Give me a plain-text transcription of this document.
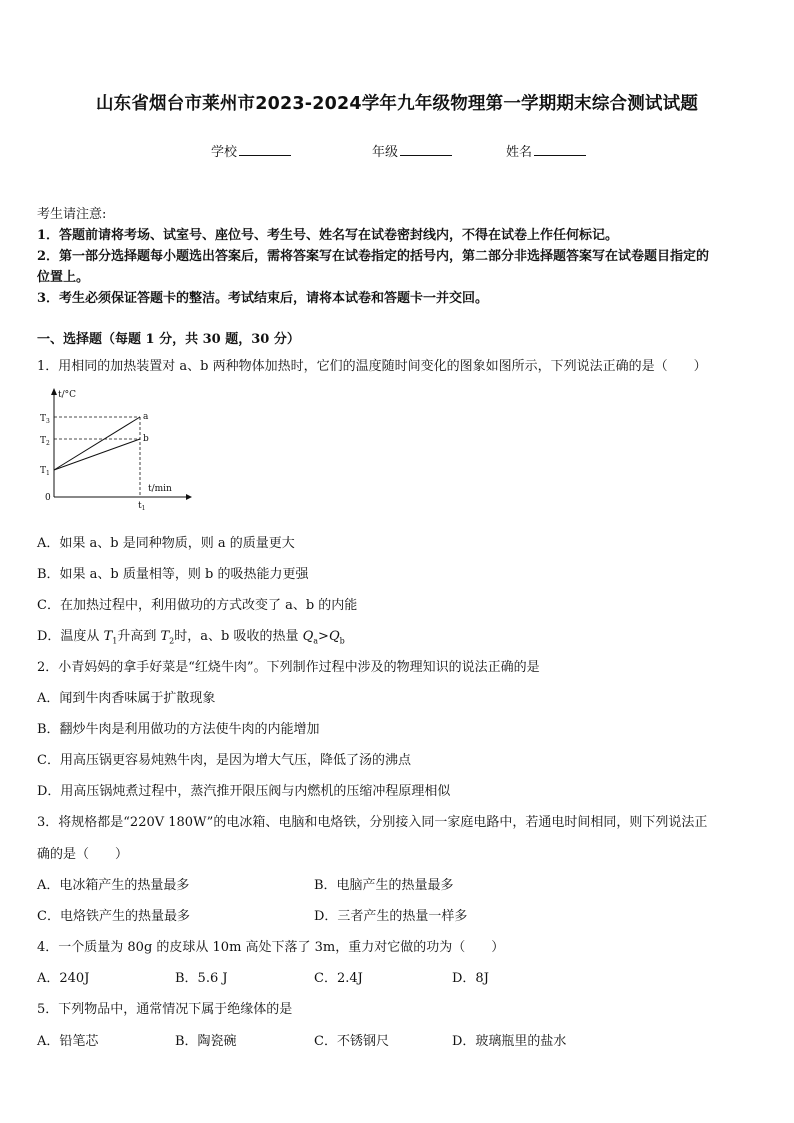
山东省烟台市莱州市2023-2024学年九年级物理第一学期期末综合测试试题
学校	年级	姓名
考生请注意:
1．答题前请将考场、试室号、座位号、考生号、姓名写在试卷密封线内，不得在试卷上作任何标记。
2．第一部分选择题每小题选出答案后，需将答案写在试卷指定的括号内，第二部分非选择题答案写在试卷题目指定的
位置上。
3．考生必须保证答题卡的整洁。考试结束后，请将本试卷和答题卡一并交回。
一、选择题（每题 1 分，共 30 题，30 分）
1．用相同的加热装置对 a、b 两种物体加热时，它们的温度随时间变化的图象如图所示，下列说法正确的是（　　）
t/°C
t/min
a
b
$T_3$
$T_2$
$T_1$
0
$t_1$
A．如果 a、b 是同种物质，则 a 的质量更大
B．如果 a、b 质量相等，则 b 的吸热能力更强
C．在加热过程中，利用做功的方式改变了 a、b 的内能
D．温度从 $T_1$升高到 $T_2$时，a、b 吸收的热量 $Q_a>Q_b$
2．小青妈妈的拿手好菜是“红烧牛肉”。下列制作过程中涉及的物理知识的说法正确的是
A．闻到牛肉香味属于扩散现象
B．翻炒牛肉是利用做功的方法使牛肉的内能增加
C．用高压锅更容易炖熟牛肉，是因为增大气压，降低了汤的沸点
D．用高压锅炖煮过程中，蒸汽推开限压阀与内燃机的压缩冲程原理相似
3．将规格都是“220V 180W”的电冰箱、电脑和电烙铁，分别接入同一家庭电路中，若通电时间相同，则下列说法正
确的是（　　）
A．电冰箱产生的热量最多	B．电脑产生的热量最多
C．电烙铁产生的热量最多	D．三者产生的热量一样多
4．一个质量为 80g 的皮球从 10m 高处下落了 3m，重力对它做的功为（　　）
A．240J	B．5.6 J	C．2.4J	D．8J
5．下列物品中，通常情况下属于绝缘体的是
A．铅笔芯	B．陶瓷碗	C．不锈钢尺	D．玻璃瓶里的盐水
